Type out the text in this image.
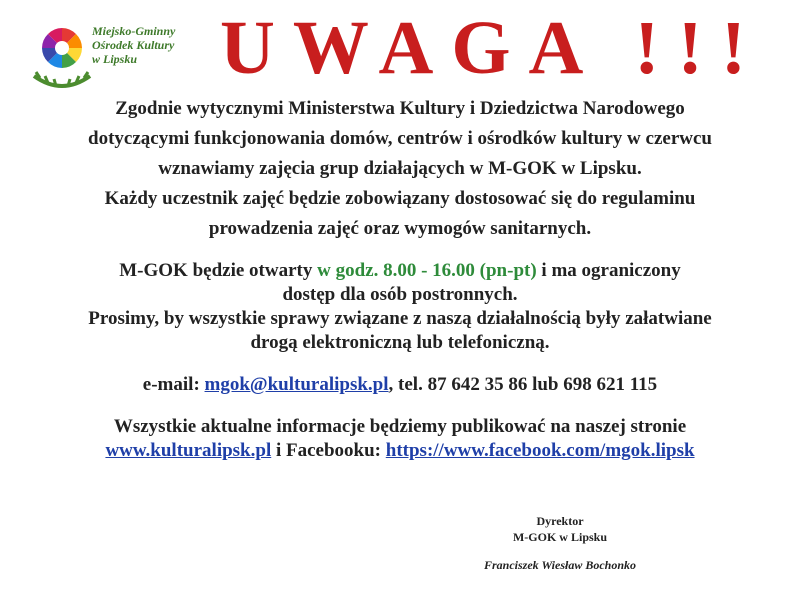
Miejsko-Gminny
Ośrodek Kultury
w Lipsku	UWAGA !!!
Zgodnie wytycznymi Ministerstwa Kultury i Dziedzictwa Narodowego
dotyczącymi funkcjonowania domów, centrów i ośrodków kultury w czerwcu
wznawiamy zajęcia grup działających w M-GOK w Lipsku.
Każdy uczestnik zajęć będzie zobowiązany dostosować się do regulaminu
prowadzenia zajęć oraz wymogów sanitarnych.
M-GOK będzie otwarty w godz. 8.00 - 16.00 (pn-pt) i ma ograniczony
dostęp dla osób postronnych.
Prosimy, by wszystkie sprawy związane z naszą działalnością były załatwiane
drogą elektroniczną lub telefoniczną.
e-mail: mgok@kulturalipsk.pl, tel. 87 642 35 86 lub 698 621 115
Wszystkie aktualne informacje będziemy publikować na naszej stronie
www.kulturalipsk.pl i Facebooku: https://www.facebook.com/mgok.lipsk
Dyrektor
M-GOK w Lipsku
Franciszek Wiesław Bochonko
